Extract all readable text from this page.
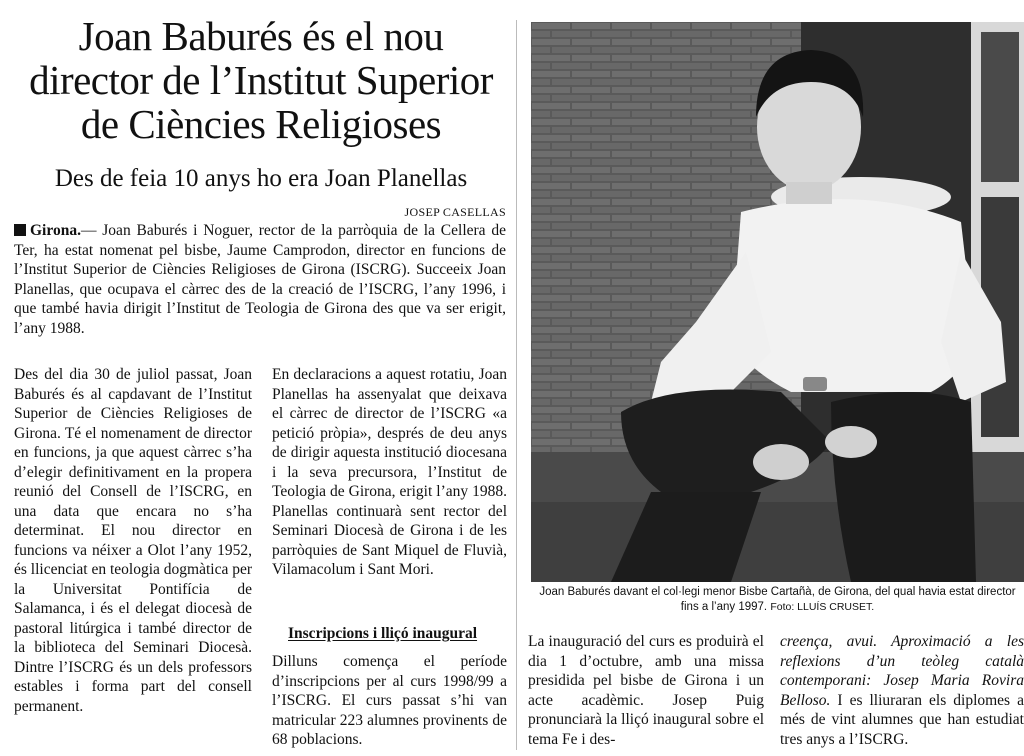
Joan Baburés és el nou
director de l’Institut Superior
de Ciències Religioses
Des de feia 10 anys ho era Joan Planellas
JOSEP CASELLAS

Girona.— Joan Baburés i Noguer, rector de la parròquia de la Cellera de Ter, ha estat nomenat pel bisbe, Jaume Camprodon, director en funcions de l’Institut Superior de Ciències Religioses de Girona (ISCRG). Succeeix Joan Planellas, que ocupava el càrrec des de la creació de l’ISCRG, l’any 1996, i que també havia dirigit l’Institut de Teologia de Girona des que va ser erigit, l’any 1988.

Des del dia 30 de juliol passat, Joan Baburés és al capdavant de l’Institut Superior de Ciències Religioses de Girona. Té el nomenament de director en funcions, ja que aquest càrrec s’ha d’elegir definitivament en la propera reunió del Consell de l’ISCRG, en una data que encara no s’ha determinat. El nou director en funcions va néixer a Olot l’any 1952, és llicenciat en teologia dogmàtica per la Universitat Pontifícia de Salamanca, i és el delegat diocesà de pastoral litúrgica i també director de la biblioteca del Seminari Diocesà. Dintre l’ISCRG és un dels professors estables i forma part del consell permanent.

En declaracions a aquest rotatiu, Joan Planellas ha assenyalat que deixava el càrrec de director de l’ISCRG «a petició pròpia», després de deu anys de dirigir aquesta institució diocesana i la seva precursora, l’Institut de Teologia de Girona, erigit l’any 1988. Planellas continuarà sent rector del Seminari Diocesà de Girona i de les parròquies de Sant Miquel de Fluvià, Vilamacolum i Sant Mori.

Inscripcions i lliçó inaugural

Dilluns comença el període d’inscripcions per al curs 1998/99 a l’ISCRG. El curs passat s’hi van matricular 223 alumnes provinents de 68 poblacions.

Joan Baburés davant el col·legi menor Bisbe Cartañà, de Girona, del qual havia estat director fins a l’any 1997. Foto: LLUÍS CRUSET.

La inauguració del curs es produirà el dia 1 d’octubre, amb una missa presidida pel bisbe de Girona i un acte acadèmic. Josep Puig pronunciarà la lliçó inaugural sobre el tema Fe i des-

creença, avui. Aproximació a les reflexions d’un teòleg català contemporani: Josep Maria Rovira Belloso. I es lliuraran els diplomes a més de vint alumnes que han estudiat tres anys a l’ISCRG.
